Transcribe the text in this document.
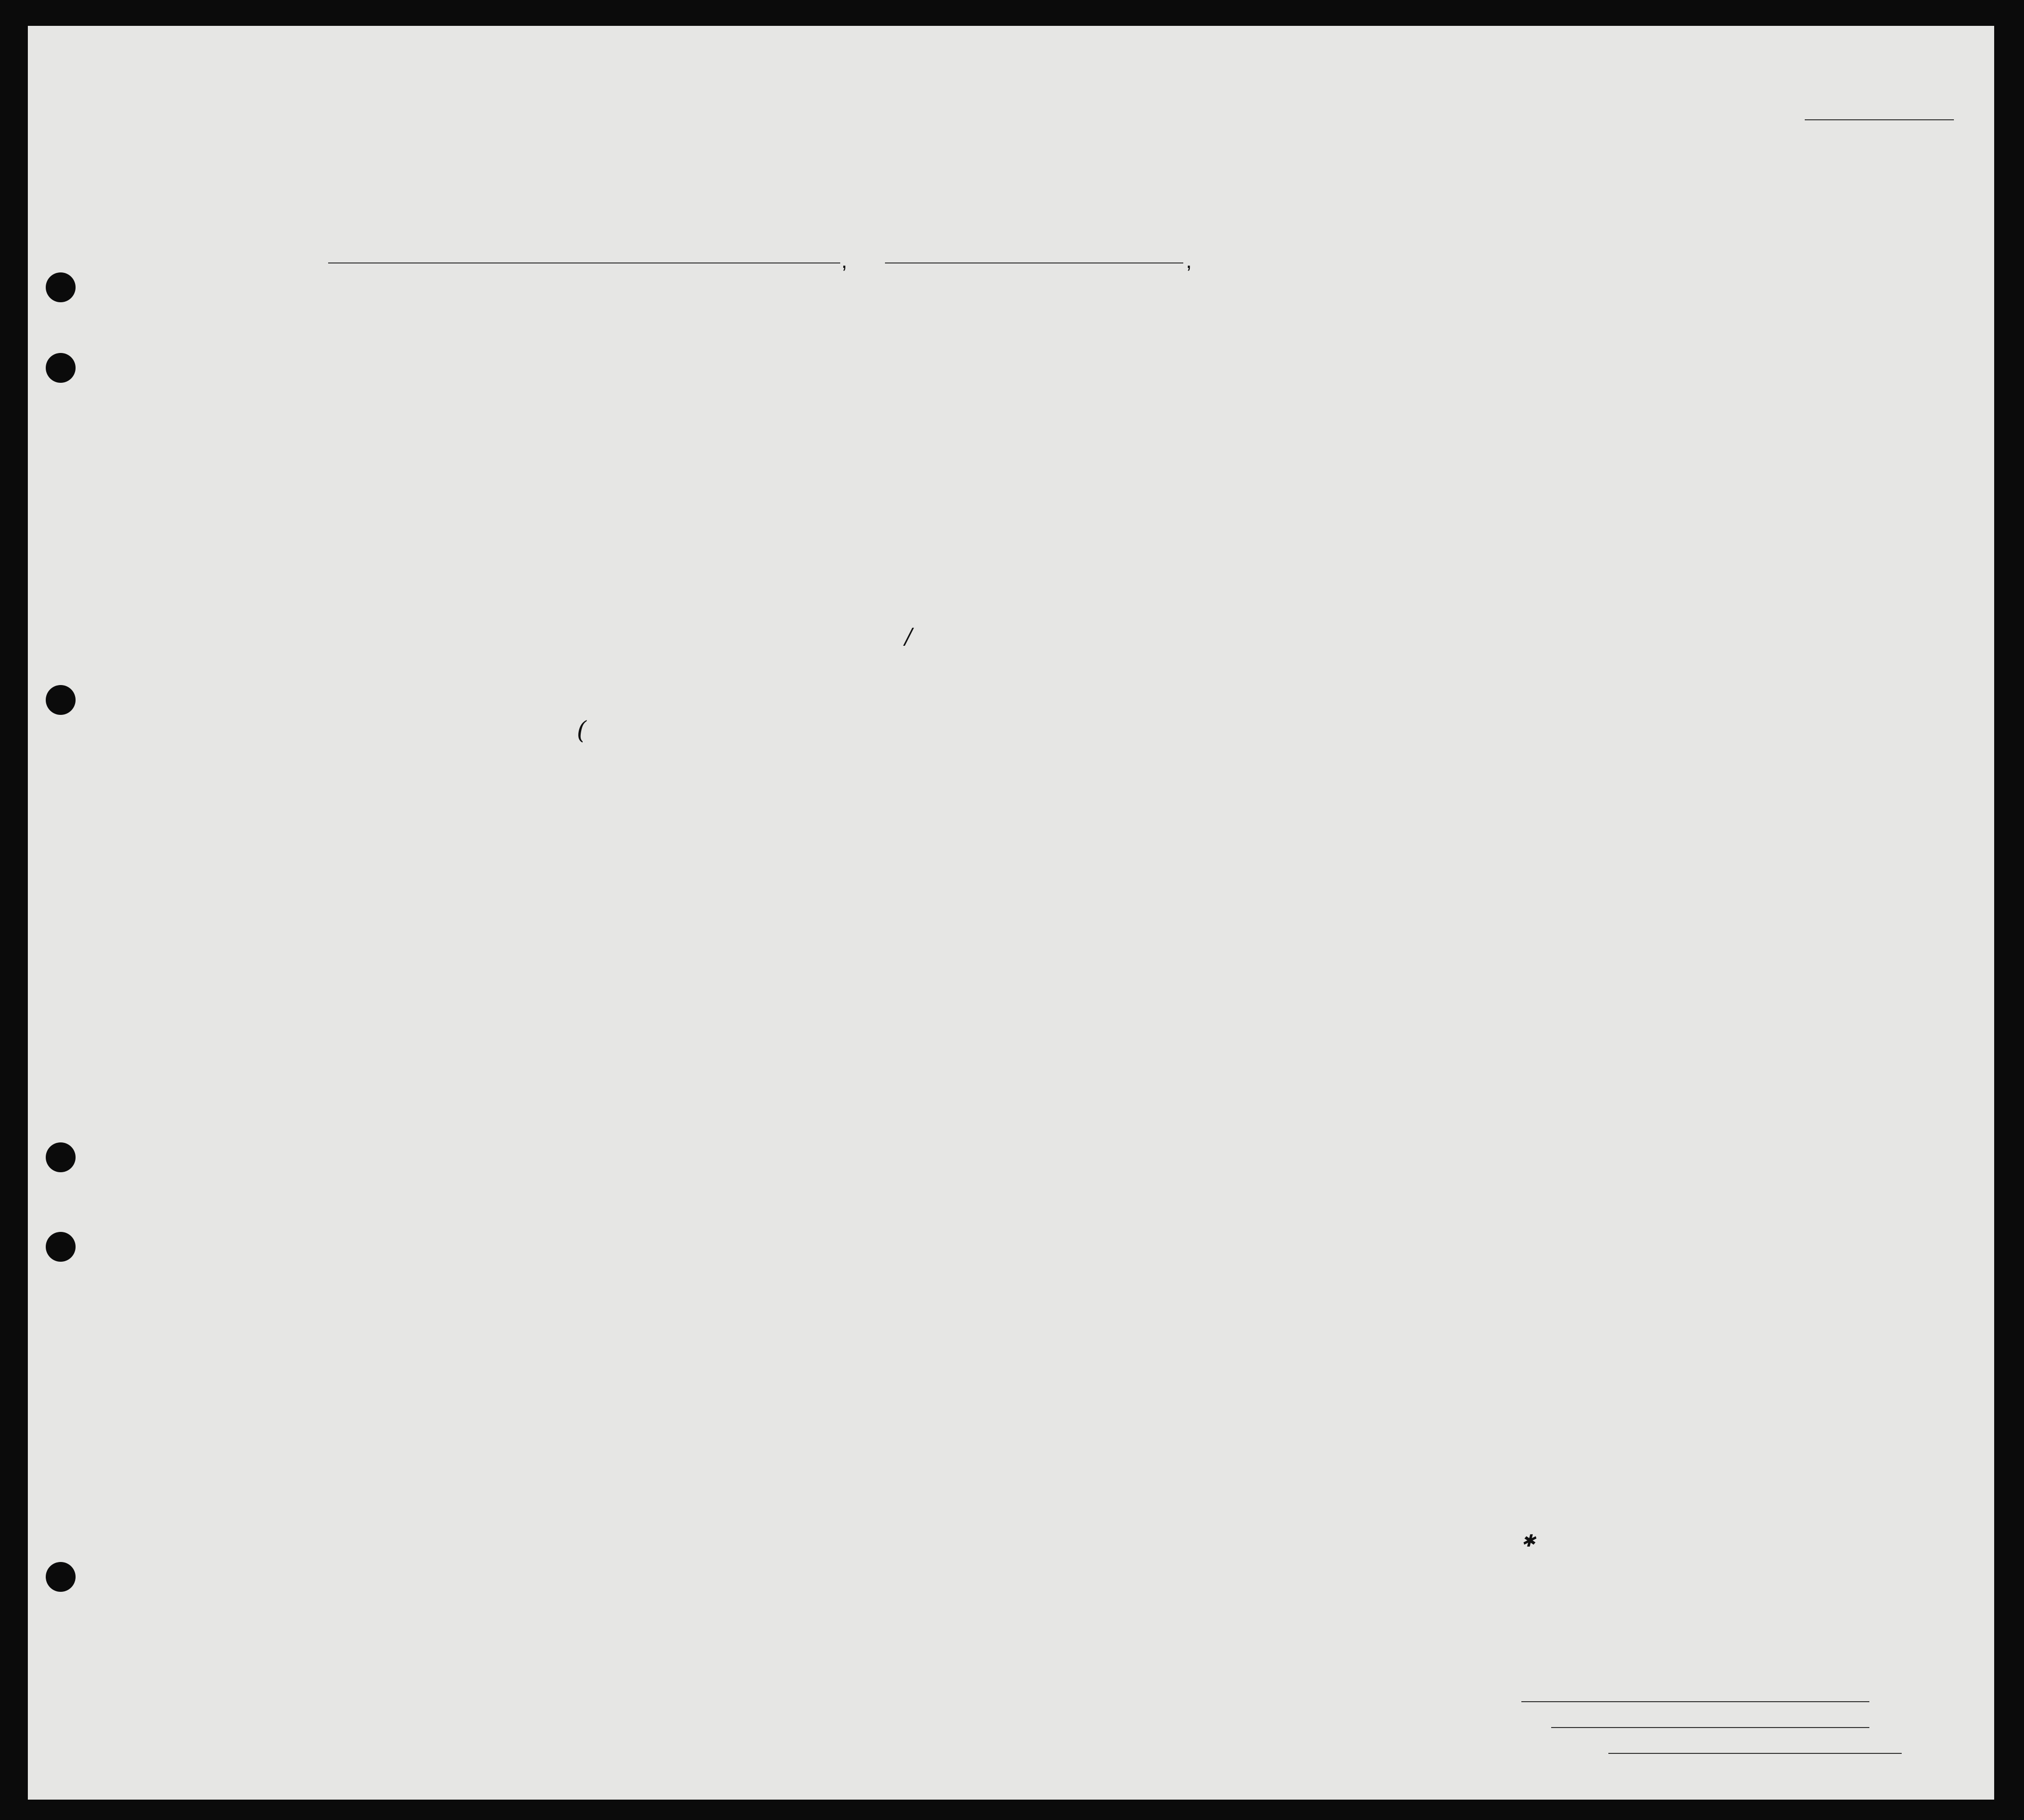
,	,
/
✱
(
